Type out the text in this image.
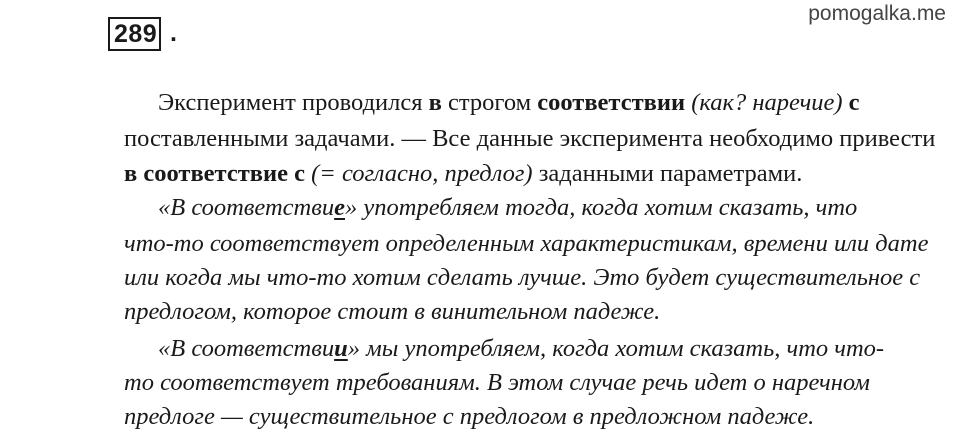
pomogalka.me
289 .
Эксперимент проводился в строгом соответствии (как? наречие) с
поставленными задачами. — Все данные эксперимента необходимо привести
в соответствие с (= согласно, предлог) заданными параметрами.
«В соответствие» употребляем тогда, когда хотим сказать, что
что-то соответствует определенным характеристикам, времени или дате
или когда мы что-то хотим сделать лучше. Это будет существительное с
предлогом, которое стоит в винительном падеже.
«В соответствии» мы употребляем, когда хотим сказать, что что-
то соответствует требованиям. В этом случае речь идет о наречном
предлоге — существительное с предлогом в предложном падеже.
